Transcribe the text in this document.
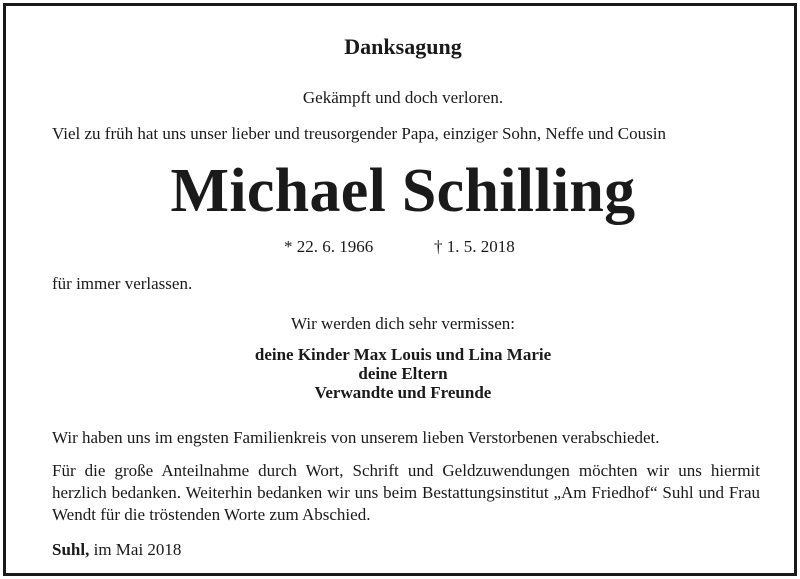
Danksagung
Gekämpft und doch verloren.
Viel zu früh hat uns unser lieber und treusorgender Papa, einziger Sohn, Neffe und Cousin
Michael Schilling
* 22. 6. 1966	† 1. 5. 2018
für immer verlassen.
Wir werden dich sehr vermissen:
deine Kinder Max Louis und Lina Marie
deine Eltern
Verwandte und Freunde
Wir haben uns im engsten Familienkreis von unserem lieben Verstorbenen verabschiedet.
Für die große Anteilnahme durch Wort, Schrift und Geldzuwendungen möchten wir uns hiermit herzlich bedanken. Weiterhin bedanken wir uns beim Bestattungsinstitut „Am Friedhof“ Suhl und Frau Wendt für die tröstenden Worte zum Abschied.
Suhl, im Mai 2018
